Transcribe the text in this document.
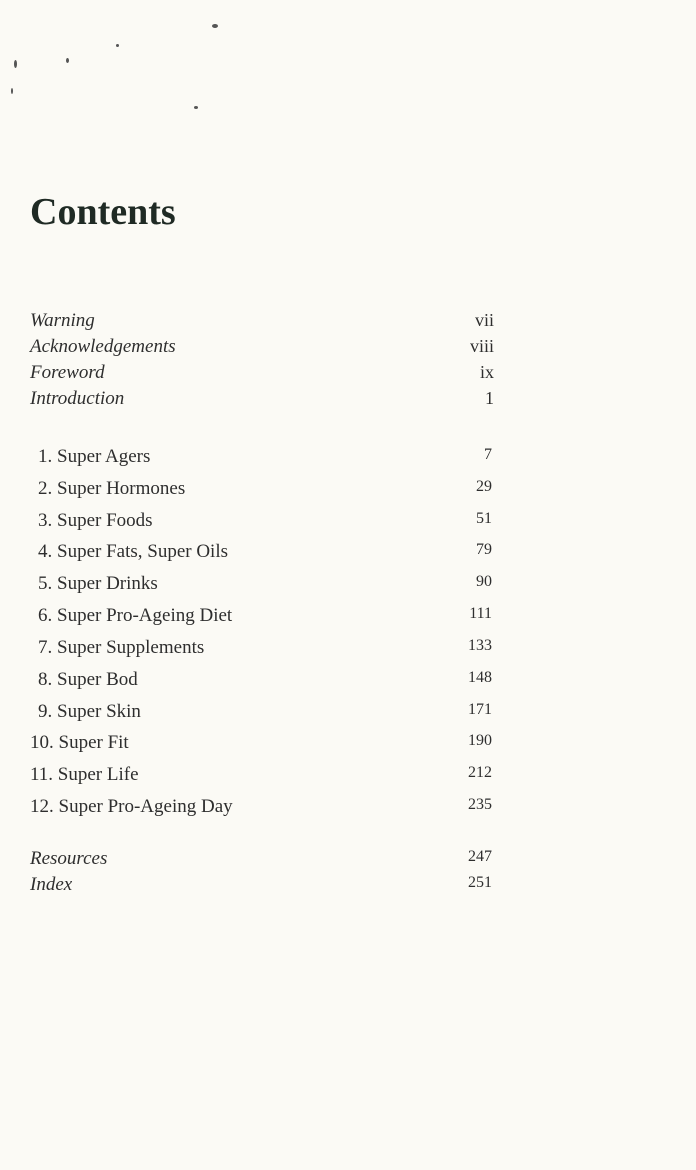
Contents
Warning	vii
Acknowledgements	viii
Foreword	ix
Introduction	1
1. Super Agers	7
2. Super Hormones	29
3. Super Foods	51
4. Super Fats, Super Oils	79
5. Super Drinks	90
6. Super Pro-Ageing Diet	111
7. Super Supplements	133
8. Super Bod	148
9. Super Skin	171
10. Super Fit	190
11. Super Life	212
12. Super Pro-Ageing Day	235
Resources	247
Index	251
